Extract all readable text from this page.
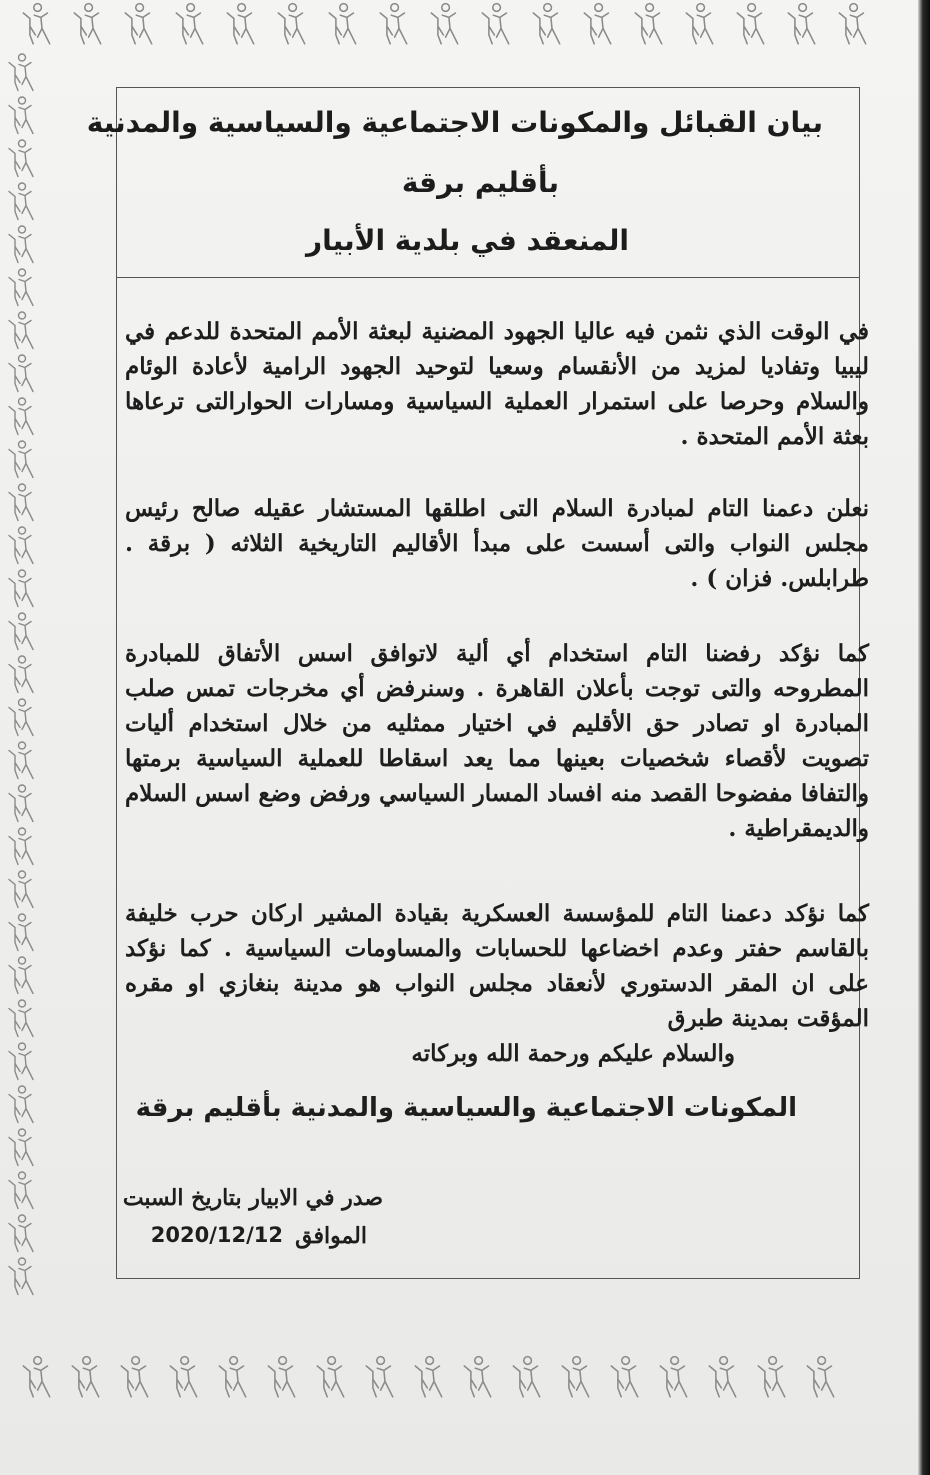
بيان القبائل والمكونات الاجتماعية والسياسية والمدنية
بأقليم برقة
المنعقد في بلدية الأبيار
في الوقت الذي نثمن فيه عاليا الجهود المضنية لبعثة الأمم المتحدة للدعم في ليبيا وتفاديا لمزيد من الأنقسام وسعيا لتوحيد الجهود الرامية لأعادة الوئام والسلام وحرصا على استمرار العملية السياسية ومسارات الحوارالتى ترعاها بعثة الأمم المتحدة .
نعلن دعمنا التام لمبادرة السلام التى اطلقها المستشار عقيله صالح رئيس مجلس النواب والتى أسست على مبدأ الأقاليم التاريخية الثلاثه ( برقة . طرابلس. فزان ) .
كما نؤكد رفضنا التام استخدام أي ألية لاتوافق اسس الأتفاق للمبادرة المطروحه والتى توجت بأعلان القاهرة . وسنرفض أي مخرجات تمس صلب المبادرة او تصادر حق الأقليم في اختيار ممثليه من خلال استخدام أليات تصويت لأقصاء شخصيات بعينها مما يعد اسقاطا للعملية السياسية برمتها والتفافا مفضوحا القصد منه افساد المسار السياسي ورفض وضع اسس السلام والديمقراطية .
كما نؤكد دعمنا التام للمؤسسة العسكرية بقيادة المشير اركان حرب خليفة بالقاسم حفتر وعدم اخضاعها للحسابات والمساومات السياسية . كما نؤكد على ان المقر الدستوري لأنعقاد مجلس النواب هو مدينة بنغازي او مقره المؤقت بمدينة طبرق
والسلام عليكم ورحمة الله وبركاته
المكونات الاجتماعية والسياسية والمدنية بأقليم برقة
صدر في الابيار بتاريخ السبت
الموافق
2020/12/12
